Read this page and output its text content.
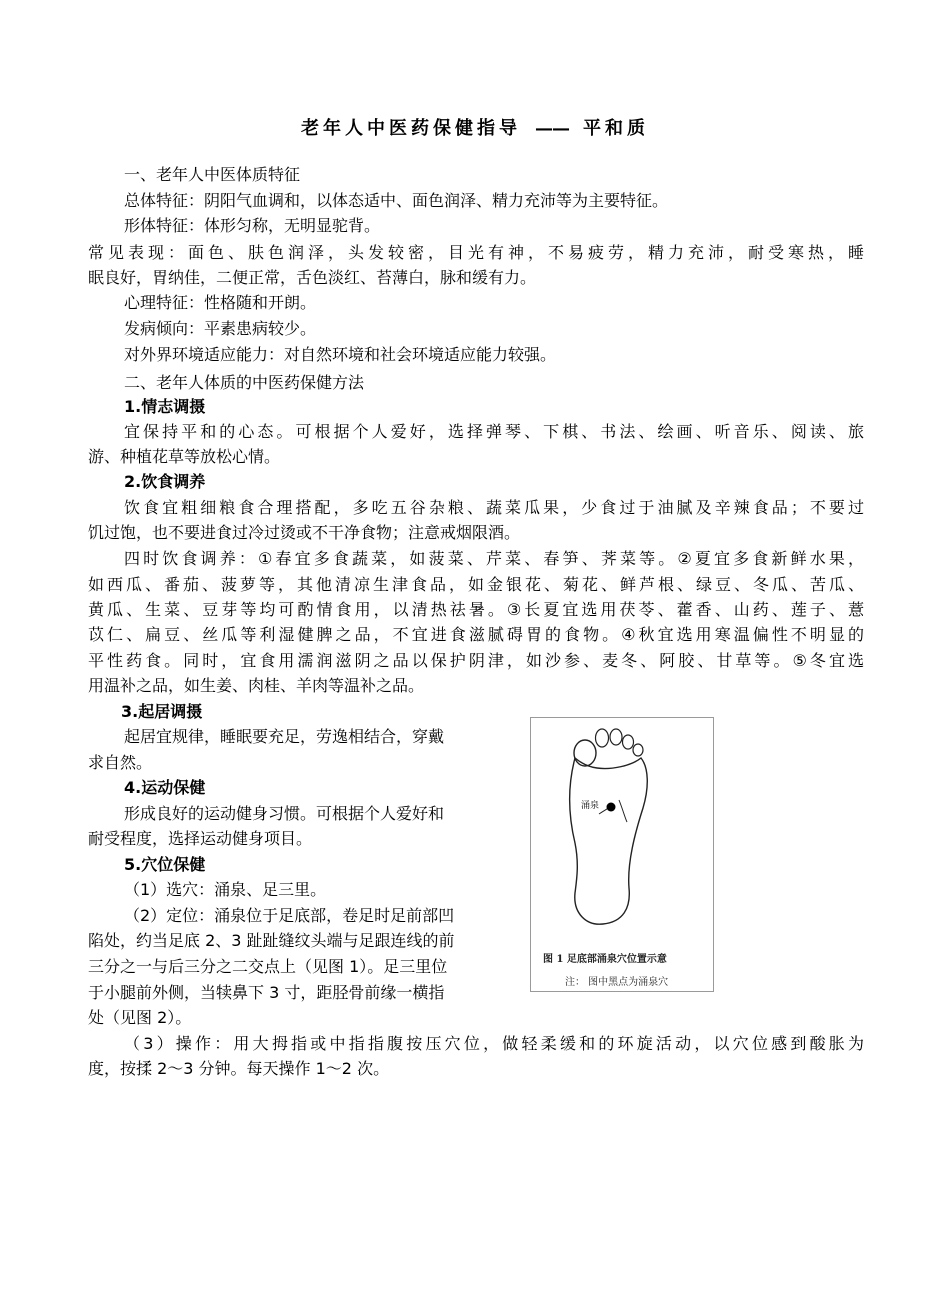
老年人中医药保健指导 —— 平和质
一、老年人中医体质特征
总体特征：阴阳气血调和，以体态适中、面色润泽、精力充沛等为主要特征。
形体特征：体形匀称，无明显驼背。
常见表现：面色、肤色润泽，头发较密，目光有神，不易疲劳，精力充沛，耐受寒热，睡
眠良好，胃纳佳，二便正常，舌色淡红、苔薄白，脉和缓有力。
心理特征：性格随和开朗。
发病倾向：平素患病较少。
对外界环境适应能力：对自然环境和社会环境适应能力较强。
二、老年人体质的中医药保健方法
1.情志调摄
宜保持平和的心态。可根据个人爱好，选择弹琴、下棋、书法、绘画、听音乐、阅读、旅
游、种植花草等放松心情。
2.饮食调养
饮食宜粗细粮食合理搭配，多吃五谷杂粮、蔬菜瓜果，少食过于油腻及辛辣食品；不要过
饥过饱，也不要进食过冷过烫或不干净食物；注意戒烟限酒。
四时饮食调养：①春宜多食蔬菜，如菠菜、芹菜、春笋、荠菜等。②夏宜多食新鲜水果，
如西瓜、番茄、菠萝等，其他清凉生津食品，如金银花、菊花、鲜芦根、绿豆、冬瓜、苦瓜、
黄瓜、生菜、豆芽等均可酌情食用，以清热祛暑。③长夏宜选用茯苓、藿香、山药、莲子、薏
苡仁、扁豆、丝瓜等利湿健脾之品，不宜进食滋腻碍胃的食物。④秋宜选用寒温偏性不明显的
平性药食。同时，宜食用濡润滋阴之品以保护阴津，如沙参、麦冬、阿胶、甘草等。⑤冬宜选
用温补之品，如生姜、肉桂、羊肉等温补之品。
3.起居调摄
起居宜规律，睡眠要充足，劳逸相结合，穿戴
求自然。
4.运动保健
形成良好的运动健身习惯。可根据个人爱好和
耐受程度，选择运动健身项目。
5.穴位保健
（1）选穴：涌泉、足三里。
（2）定位：涌泉位于足底部，卷足时足前部凹
陷处，约当足底 2、3 趾趾缝纹头端与足跟连线的前
三分之一与后三分之二交点上（见图 1）。足三里位
于小腿前外侧，当犊鼻下 3 寸，距胫骨前缘一横指
处（见图 2）。
（3）操作：用大拇指或中指指腹按压穴位，做轻柔缓和的环旋活动，以穴位感到酸胀为
度，按揉 2～3 分钟。每天操作 1～2 次。
涌泉
图 1 足底部涌泉穴位置示意
注： 图中黑点为涌泉穴
